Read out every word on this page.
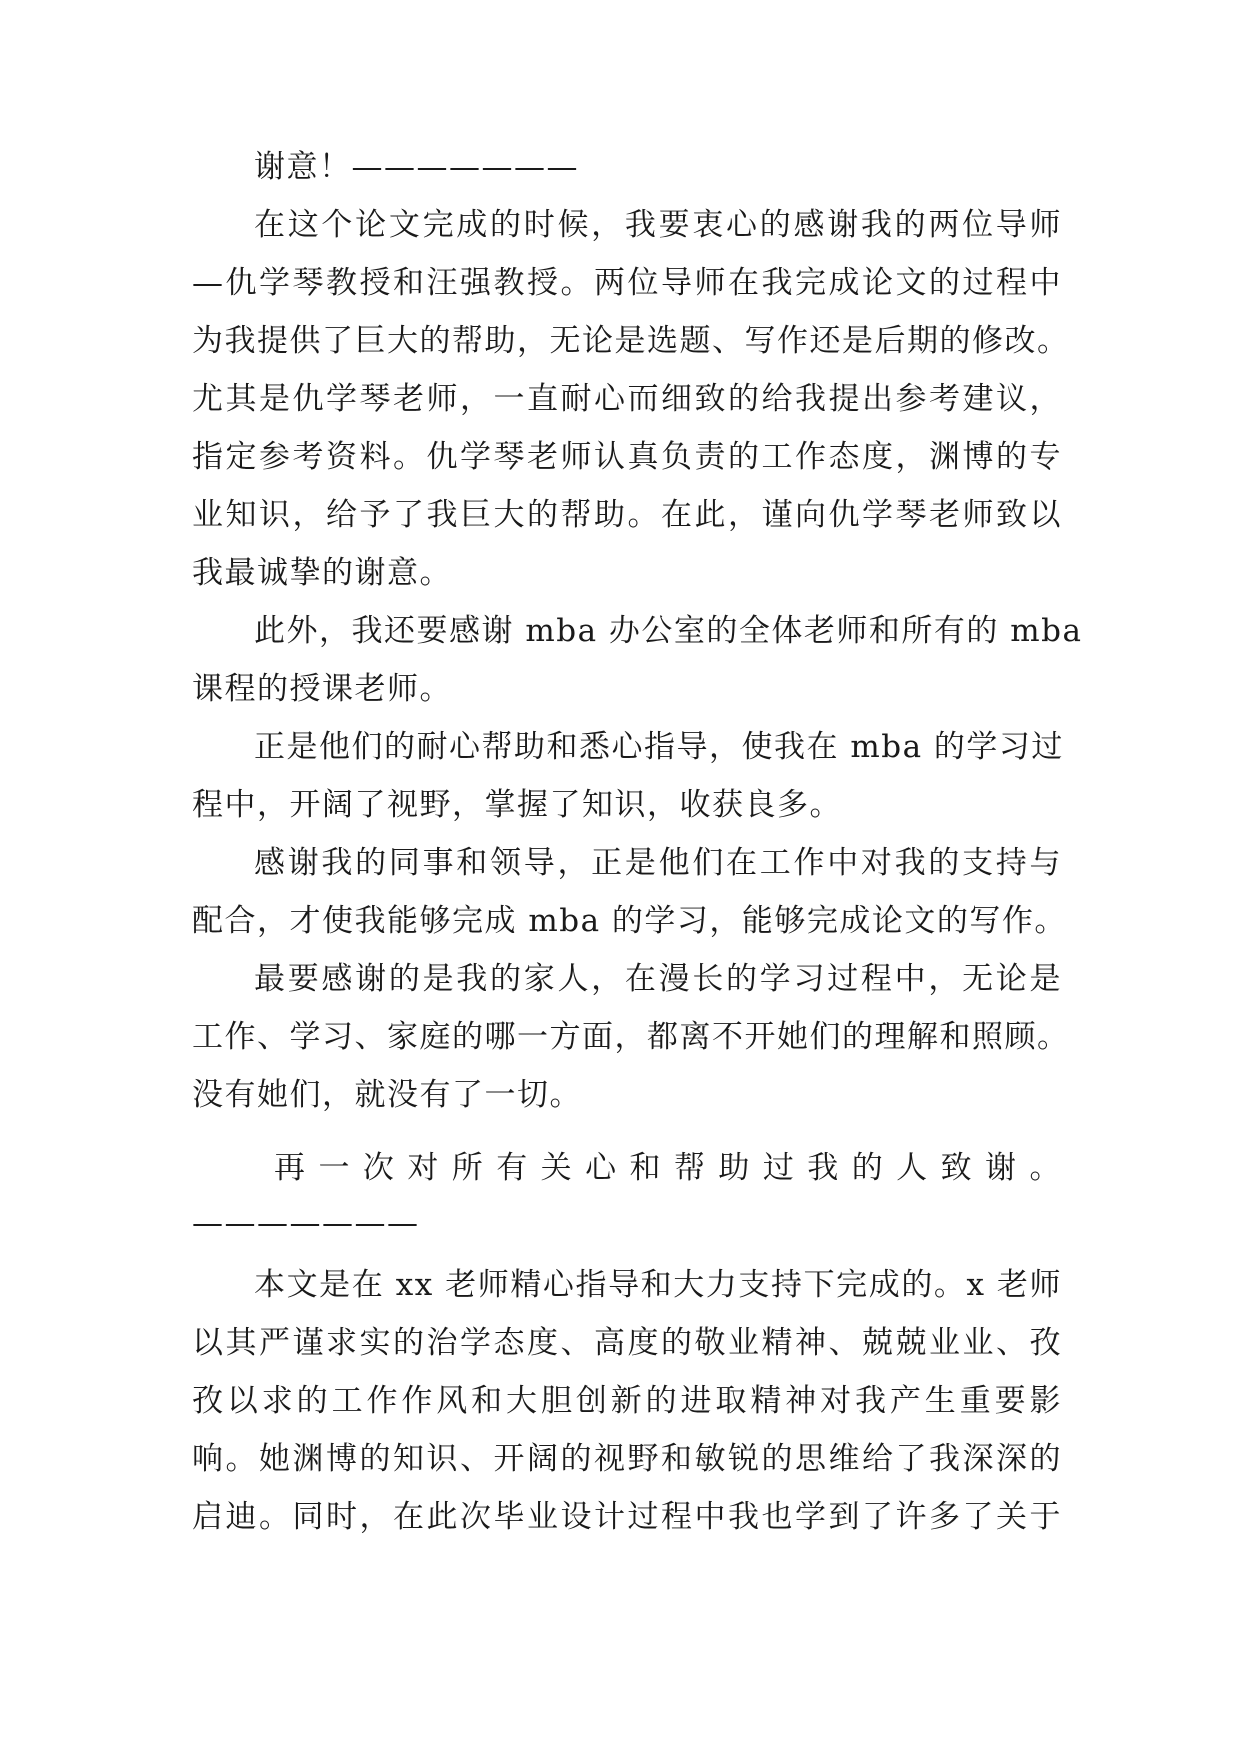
谢意！———————
在这个论文完成的时候，我要衷心的感谢我的两位导师
—仇学琴教授和汪强教授。两位导师在我完成论文的过程中
为我提供了巨大的帮助，无论是选题、写作还是后期的修改。
尤其是仇学琴老师，一直耐心而细致的给我提出参考建议，
指定参考资料。仇学琴老师认真负责的工作态度，渊博的专
业知识，给予了我巨大的帮助。在此，谨向仇学琴老师致以
我最诚挚的谢意。
此外，我还要感谢 mba 办公室的全体老师和所有的 mba
课程的授课老师。
正是他们的耐心帮助和悉心指导，使我在 mba 的学习过
程中，开阔了视野，掌握了知识，收获良多。
感谢我的同事和领导，正是他们在工作中对我的支持与
配合，才使我能够完成 mba 的学习，能够完成论文的写作。
最要感谢的是我的家人，在漫长的学习过程中，无论是
工作、学习、家庭的哪一方面，都离不开她们的理解和照顾。
没有她们，就没有了一切。
再 一 次 对 所 有 关 心 和 帮 助 过 我 的 人 致 谢 。
———————
本文是在 xx 老师精心指导和大力支持下完成的。x 老师
以其严谨求实的治学态度、高度的敬业精神、兢兢业业、孜
孜以求的工作作风和大胆创新的进取精神对我产生重要影
响。她渊博的知识、开阔的视野和敏锐的思维给了我深深的
启迪。同时，在此次毕业设计过程中我也学到了许多了关于
